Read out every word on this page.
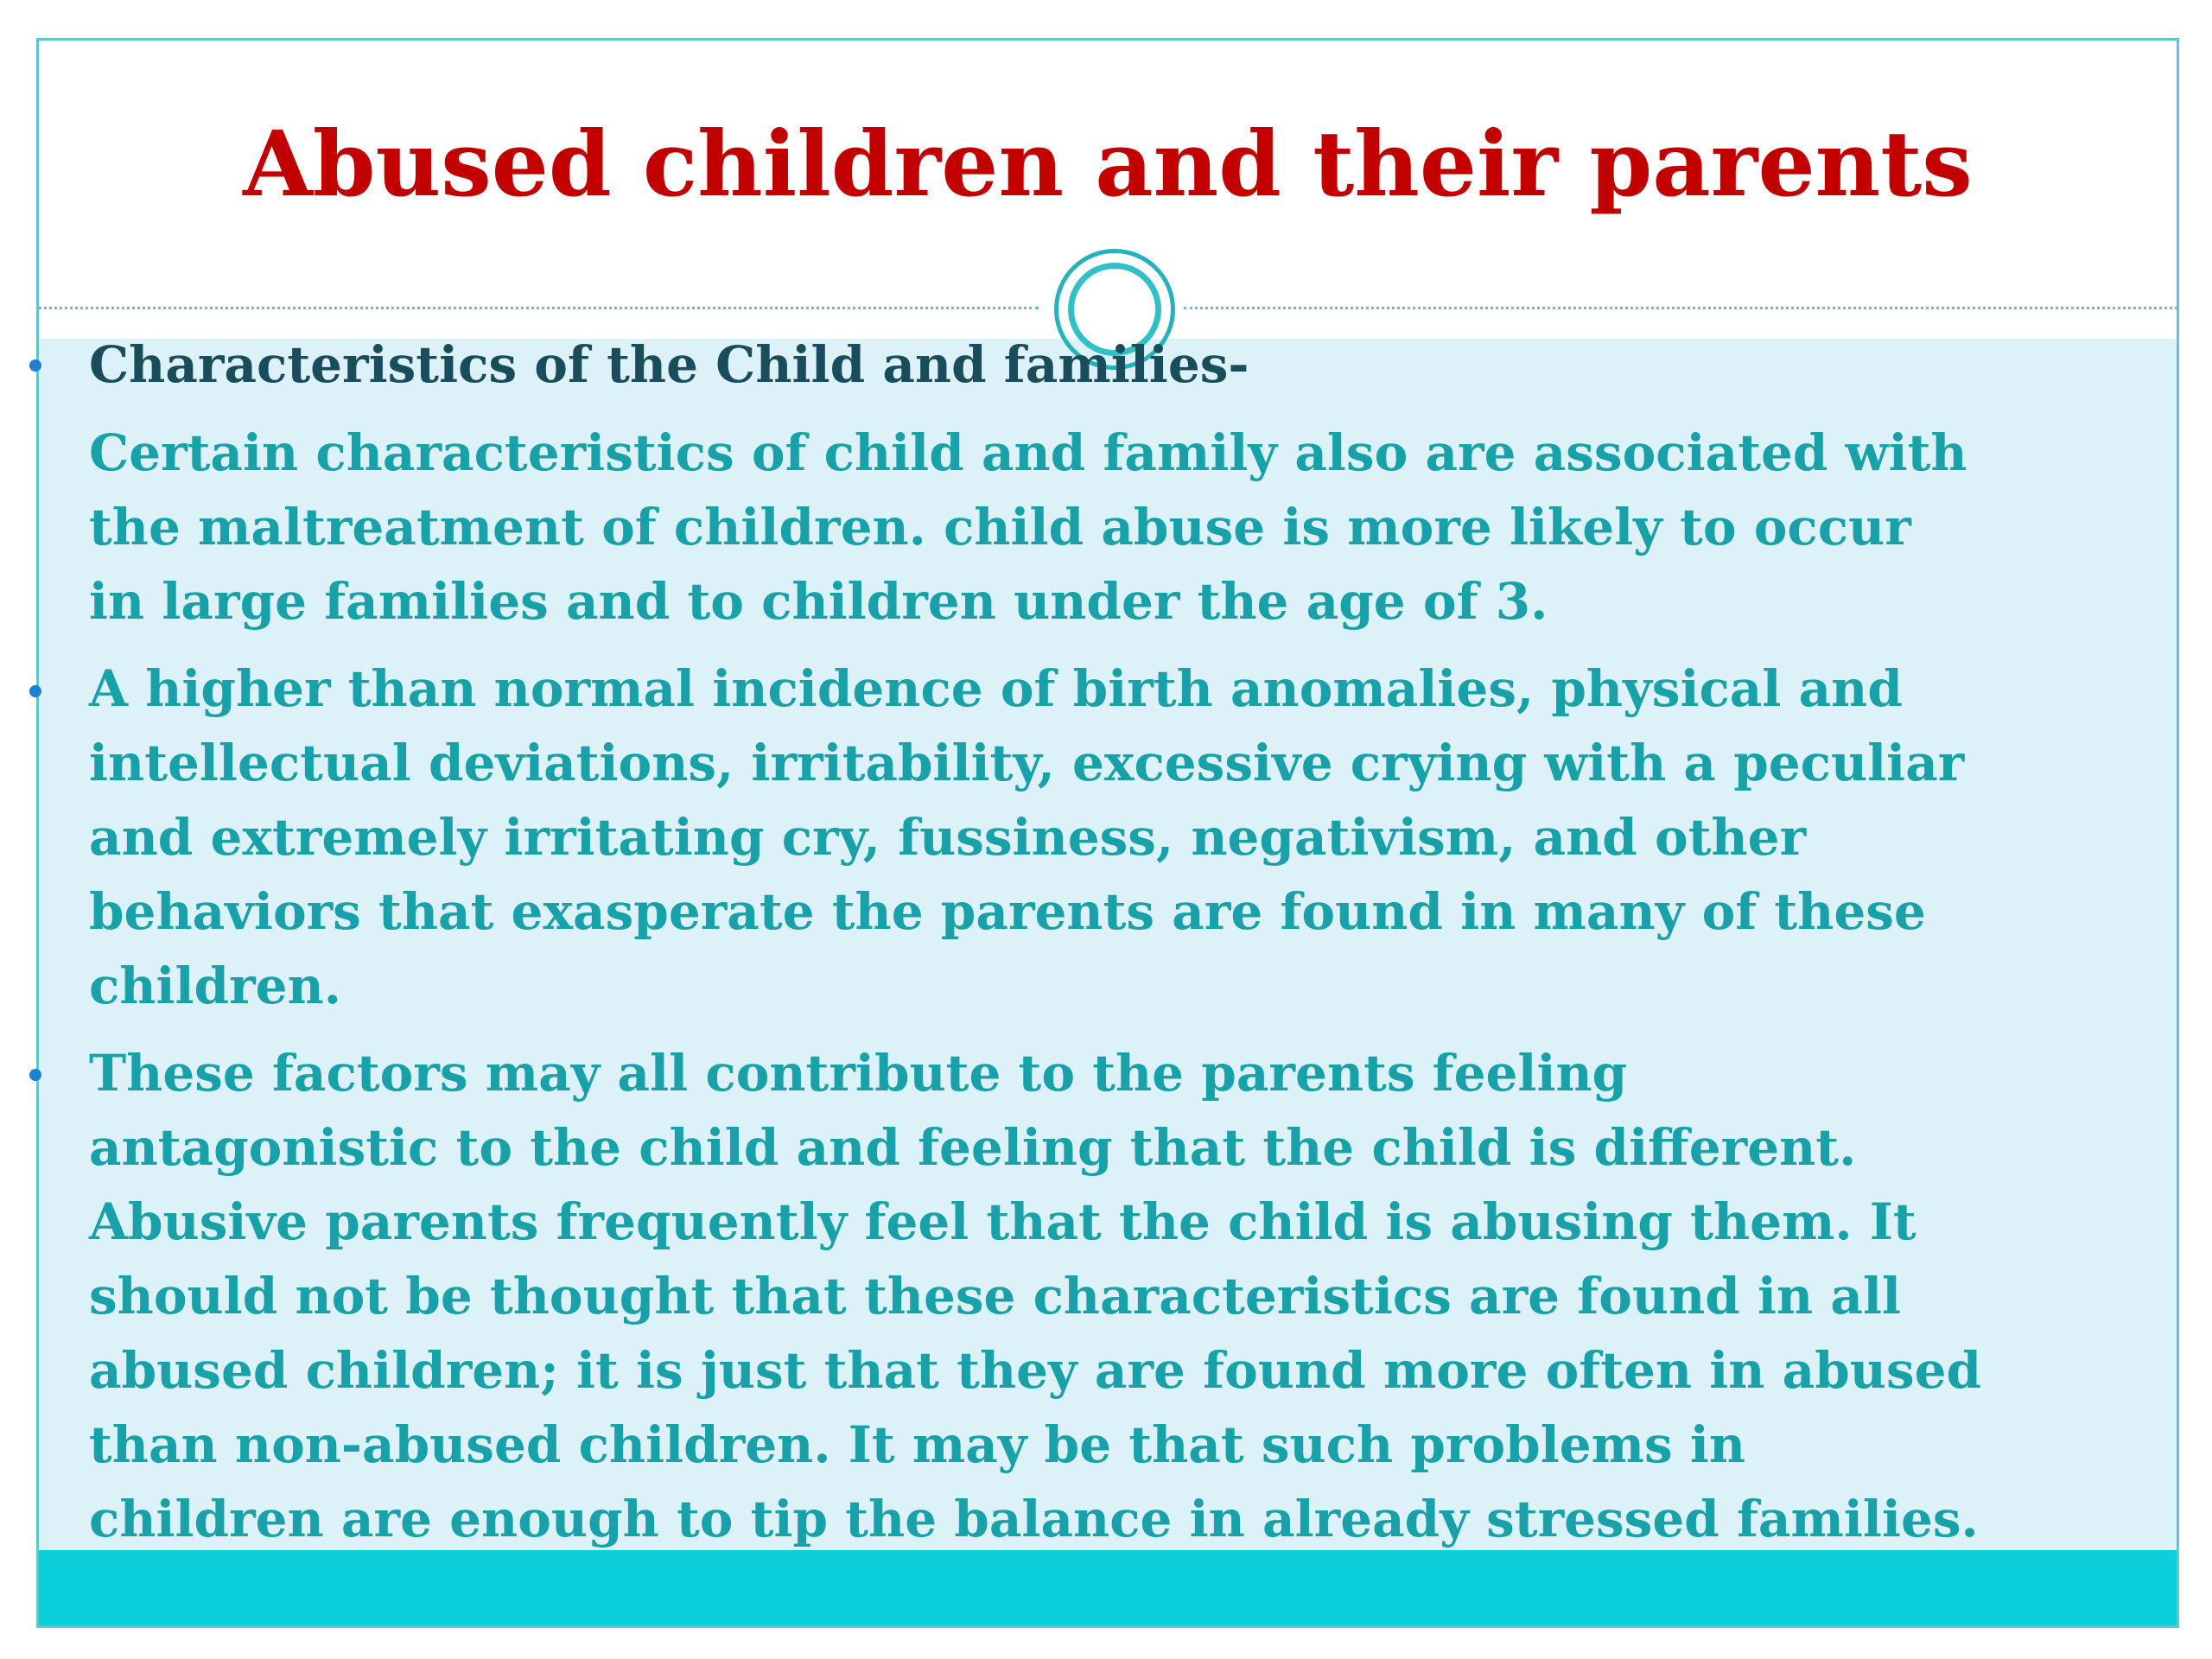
Abused children and their parents
Characteristics of the Child and families-
Certain characteristics of child and family also are associated with
the maltreatment of children. child abuse is more likely to occur
in large families and to children under the age of 3.
A higher than normal incidence of birth anomalies, physical and
intellectual deviations, irritability, excessive crying with a peculiar
and extremely irritating cry, fussiness, negativism, and other
behaviors that exasperate the parents are found in many of these
children.
These factors may all contribute to the parents feeling
antagonistic to the child and feeling that the child is different.
Abusive parents frequently feel that the child is abusing them. It
should not be thought that these characteristics are found in all
abused children; it is just that they are found more often in abused
than non-abused children. It may be that such problems in
children are enough to tip the balance in already stressed families.
